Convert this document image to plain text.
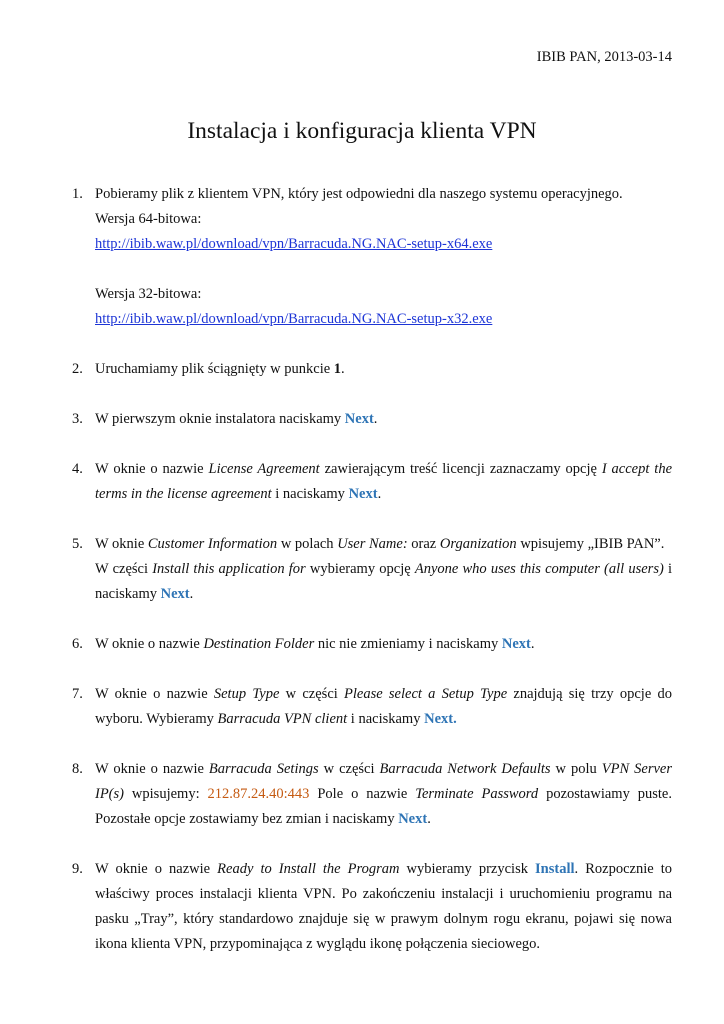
IBIB PAN, 2013-03-14
Instalacja i konfiguracja klienta VPN
1. Pobieramy plik z klientem VPN, który jest odpowiedni dla naszego systemu operacyjnego.
Wersja 64-bitowa:
http://ibib.waw.pl/download/vpn/Barracuda.NG.NAC-setup-x64.exe
Wersja 32-bitowa:
http://ibib.waw.pl/download/vpn/Barracuda.NG.NAC-setup-x32.exe
2. Uruchamiamy plik ściągnięty w punkcie 1.
3. W pierwszym oknie instalatora naciskamy Next.
4. W oknie o nazwie License Agreement zawierającym treść licencji zaznaczamy opcję I accept the terms in the license agreement i naciskamy Next.
5. W oknie Customer Information w polach User Name: oraz Organization wpisujemy „IBIB PAN”.
W części Install this application for wybieramy opcję Anyone who uses this computer (all users) i naciskamy Next.
6. W oknie o nazwie Destination Folder nic nie zmieniamy i naciskamy Next.
7. W oknie o nazwie Setup Type w części Please select a Setup Type znajdują się trzy opcje do wyboru. Wybieramy Barracuda VPN client i naciskamy Next.
8. W oknie o nazwie Barracuda Setings w części Barracuda Network Defaults w polu VPN Server IP(s) wpisujemy: 212.87.24.40:443 Pole o nazwie Terminate Password pozostawiamy puste. Pozostałe opcje zostawiamy bez zmian i naciskamy Next.
9. W oknie o nazwie Ready to Install the Program wybieramy przycisk Install. Rozpocznie to właściwy proces instalacji klienta VPN. Po zakończeniu instalacji i uruchomieniu programu na pasku „Tray”, który standardowo znajduje się w prawym dolnym rogu ekranu, pojawi się nowa ikona klienta VPN, przypominająca z wyglądu ikonę połączenia sieciowego.
